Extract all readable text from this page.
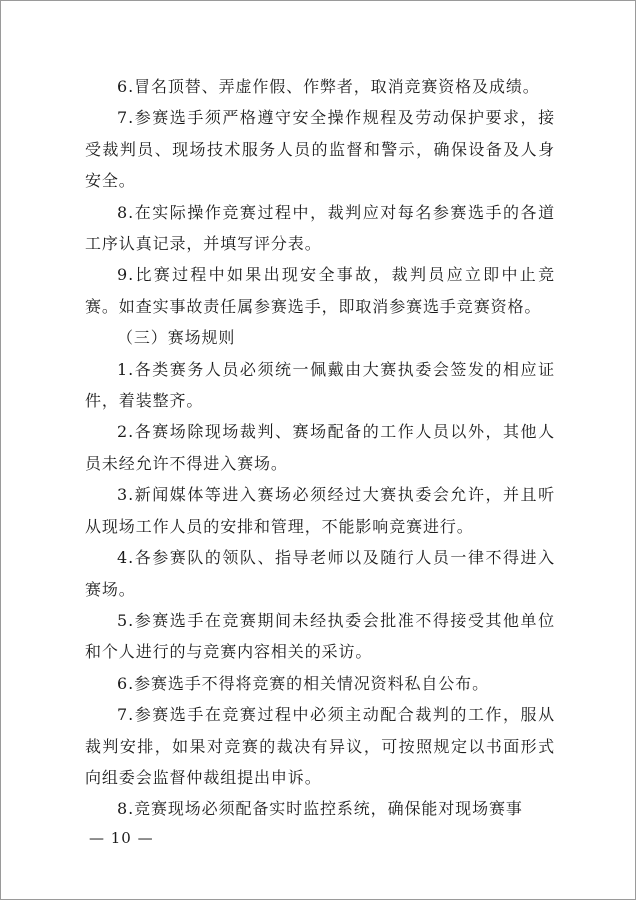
6.冒名顶替、弄虚作假、作弊者，取消竞赛资格及成绩。

7.参赛选手须严格遵守安全操作规程及劳动保护要求，接受裁判员、现场技术服务人员的监督和警示，确保设备及人身安全。

8.在实际操作竞赛过程中，裁判应对每名参赛选手的各道工序认真记录，并填写评分表。

9.比赛过程中如果出现安全事故，裁判员应立即中止竞赛。如查实事故责任属参赛选手，即取消参赛选手竞赛资格。

（三）赛场规则

1.各类赛务人员必须统一佩戴由大赛执委会签发的相应证件，着装整齐。

2.各赛场除现场裁判、赛场配备的工作人员以外，其他人员未经允许不得进入赛场。

3.新闻媒体等进入赛场必须经过大赛执委会允许，并且听从现场工作人员的安排和管理，不能影响竞赛进行。

4.各参赛队的领队、指导老师以及随行人员一律不得进入赛场。

5.参赛选手在竞赛期间未经执委会批准不得接受其他单位和个人进行的与竞赛内容相关的采访。

6.参赛选手不得将竞赛的相关情况资料私自公布。

7.参赛选手在竞赛过程中必须主动配合裁判的工作，服从裁判安排，如果对竞赛的裁决有异议，可按照规定以书面形式向组委会监督仲裁组提出申诉。

8.竞赛现场必须配备实时监控系统，确保能对现场赛事

— 10 —
